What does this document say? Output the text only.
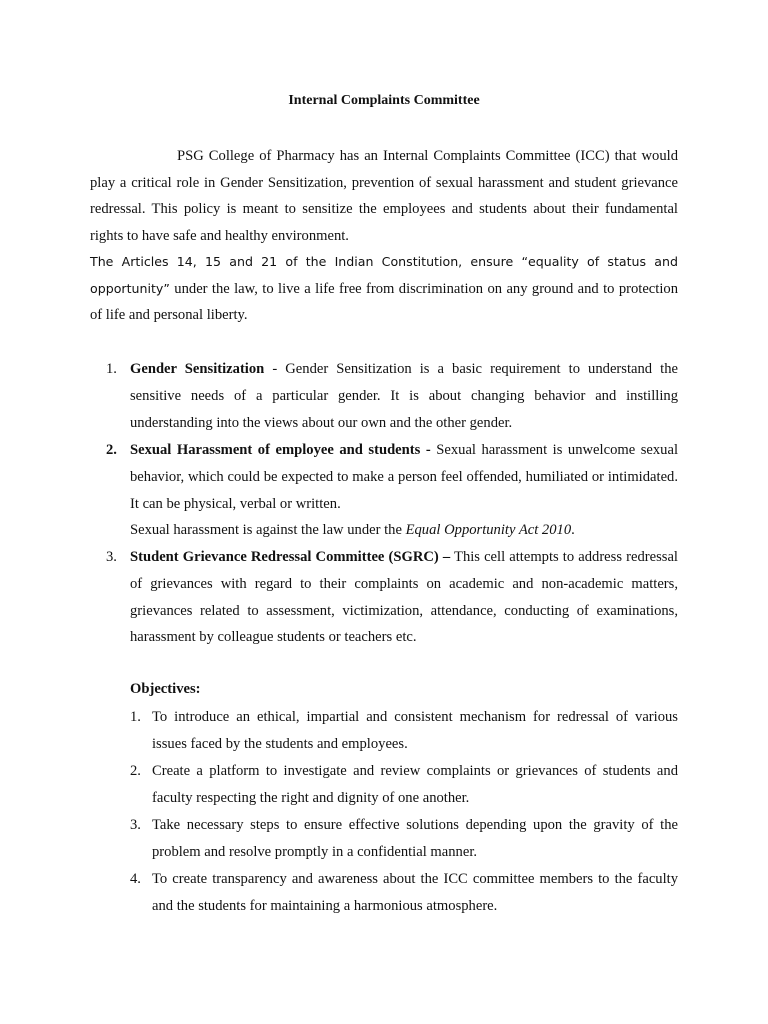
Internal Complaints Committee
PSG College of Pharmacy has an Internal Complaints Committee (ICC) that would play a critical role in Gender Sensitization, prevention of sexual harassment and student grievance redressal. This policy is meant to sensitize the employees and students about their fundamental rights to have safe and healthy environment.
The Articles 14, 15 and 21 of the Indian Constitution, ensure “equality of status and opportunity” under the law, to live a life free from discrimination on any ground and to protection of life and personal liberty.
1. Gender Sensitization - Gender Sensitization is a basic requirement to understand the sensitive needs of a particular gender. It is about changing behavior and instilling understanding into the views about our own and the other gender.
2. Sexual Harassment of employee and students - Sexual harassment is unwelcome sexual behavior, which could be expected to make a person feel offended, humiliated or intimidated. It can be physical, verbal or written.
Sexual harassment is against the law under the Equal Opportunity Act 2010.
3. Student Grievance Redressal Committee (SGRC) – This cell attempts to address redressal of grievances with regard to their complaints on academic and non-academic matters, grievances related to assessment, victimization, attendance, conducting of examinations, harassment by colleague students or teachers etc.
Objectives:
1. To introduce an ethical, impartial and consistent mechanism for redressal of various issues faced by the students and employees.
2. Create a platform to investigate and review complaints or grievances of students and faculty respecting the right and dignity of one another.
3. Take necessary steps to ensure effective solutions depending upon the gravity of the problem and resolve promptly in a confidential manner.
4. To create transparency and awareness about the ICC committee members to the faculty and the students for maintaining a harmonious atmosphere.
